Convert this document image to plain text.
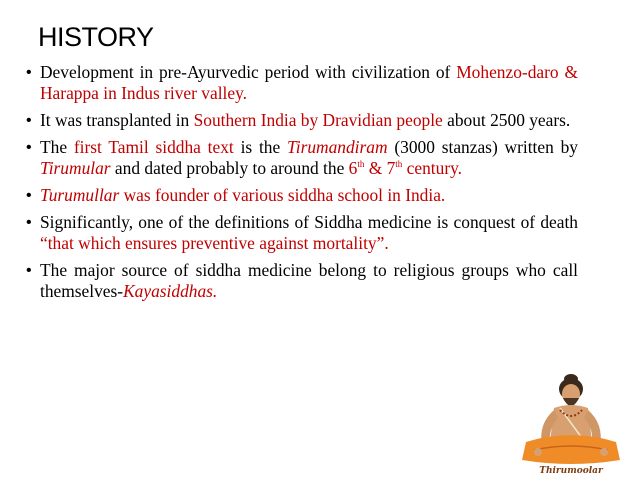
HISTORY
• Development in pre-Ayurvedic period with civilization of Mohenzo-daro & Harappa in Indus river valley.
• It was transplanted in Southern India by Dravidian people about 2500 years.
• The first Tamil siddha text is the Tirumandiram (3000 stanzas) written by Tirumular and dated probably to around the 6th & 7th century.
• Turumullar was founder of various siddha school in India.
• Significantly, one of the definitions of Siddha medicine is conquest of death “that which ensures preventive against mortality”.
• The major source of siddha medicine belong to religious groups who call themselves-Kayasiddhas.
Thirumoolar
